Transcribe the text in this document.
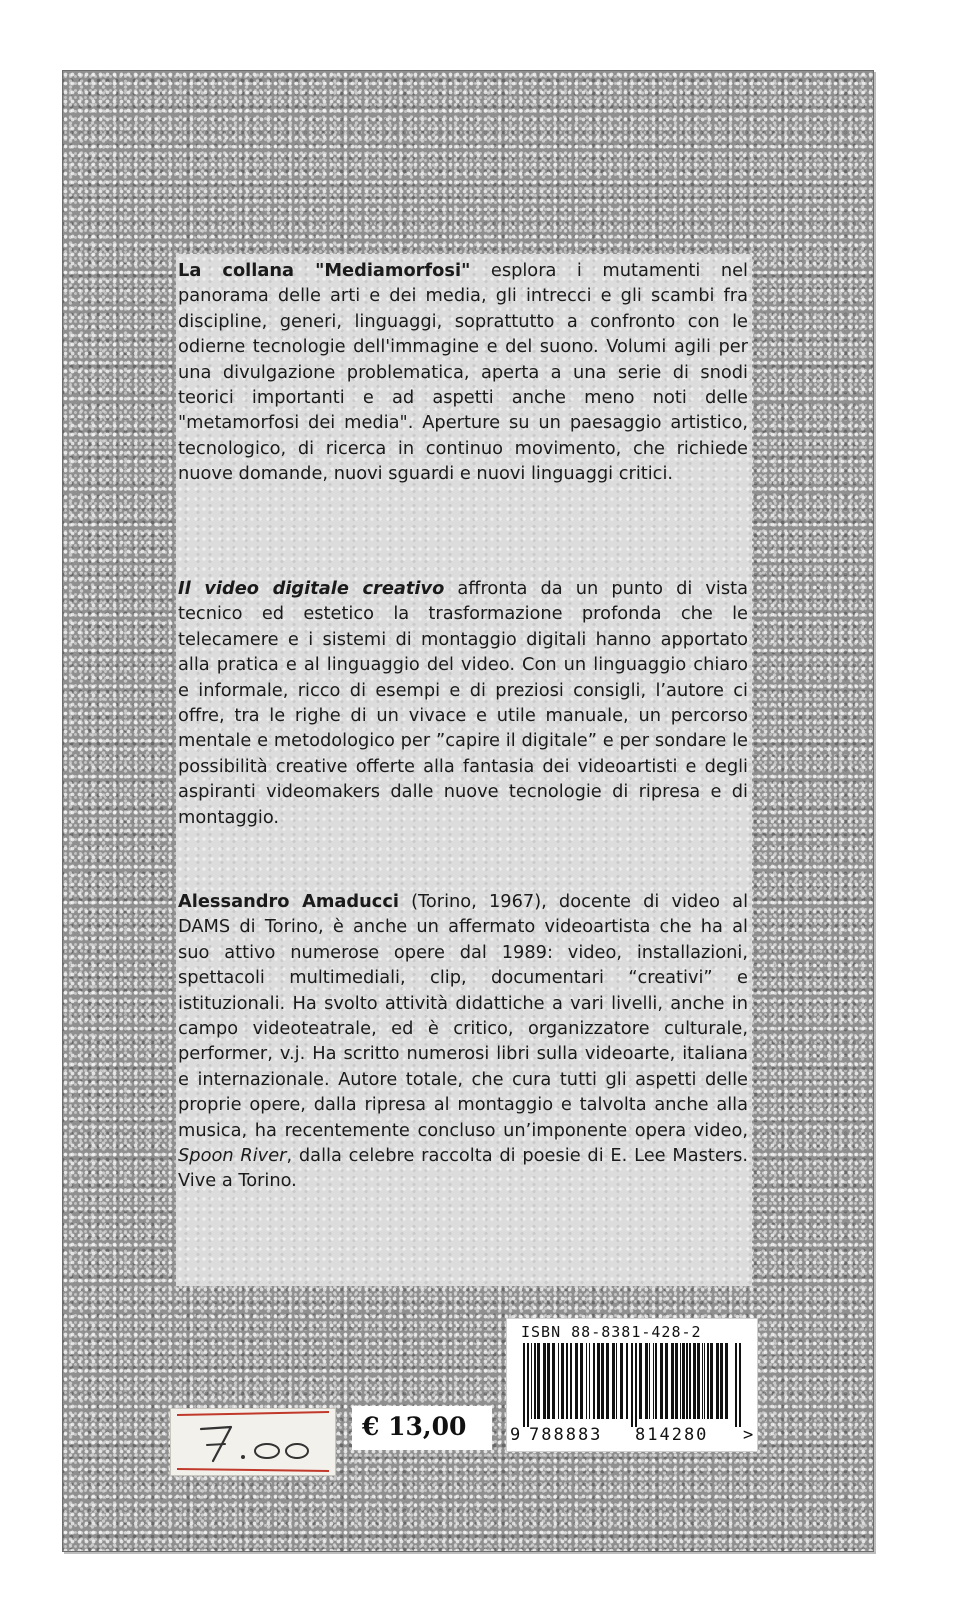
La collana "Mediamorfosi" esplora i mutamenti nel panorama delle arti e dei media, gli intrecci e gli scambi fra discipline, generi, linguaggi, soprattutto a confronto con le odierne tecnologie dell'immagine e del suono. Volumi agili per una divulgazione problematica, aperta a una serie di snodi teorici importanti e ad aspetti anche meno noti delle "metamorfosi dei media". Aperture su un paesaggio artistico, tecnologico, di ricerca in continuo movimento, che richiede nuove domande, nuovi sguardi e nuovi linguaggi critici.

Il video digitale creativo affronta da un punto di vista tecnico ed estetico la trasformazione profonda che le telecamere e i sistemi di montaggio digitali hanno apportato alla pratica e al linguaggio del video. Con un linguaggio chiaro e informale, ricco di esempi e di preziosi consigli, l’autore ci offre, tra le righe di un vivace e utile manuale, un percorso mentale e metodologico per ”capire il digitale” e per sondare le possibilità creative offerte alla fantasia dei videoartisti e degli aspiranti videomakers dalle nuove tecnologie di ripresa e di montaggio.

Alessandro Amaducci (Torino, 1967), docente di video al DAMS di Torino, è anche un affermato videoartista che ha al suo attivo numerose opere dal 1989: video, installazioni, spettacoli multimediali, clip, documentari “creativi” e istituzionali. Ha svolto attività didattiche a vari livelli, anche in campo videoteatrale, ed è critico, organizzatore culturale, performer, v.j. Ha scritto numerosi libri sulla videoarte, italiana e internazionale. Autore totale, che cura tutti gli aspetti delle proprie opere, dalla ripresa al montaggio e talvolta anche alla musica, ha recentemente concluso un’imponente opera video, Spoon River, dalla celebre raccolta di poesie di E. Lee Masters. Vive a Torino.

ISBN 88-8381-428-2
9 788883 814280 >
€ 13,00
